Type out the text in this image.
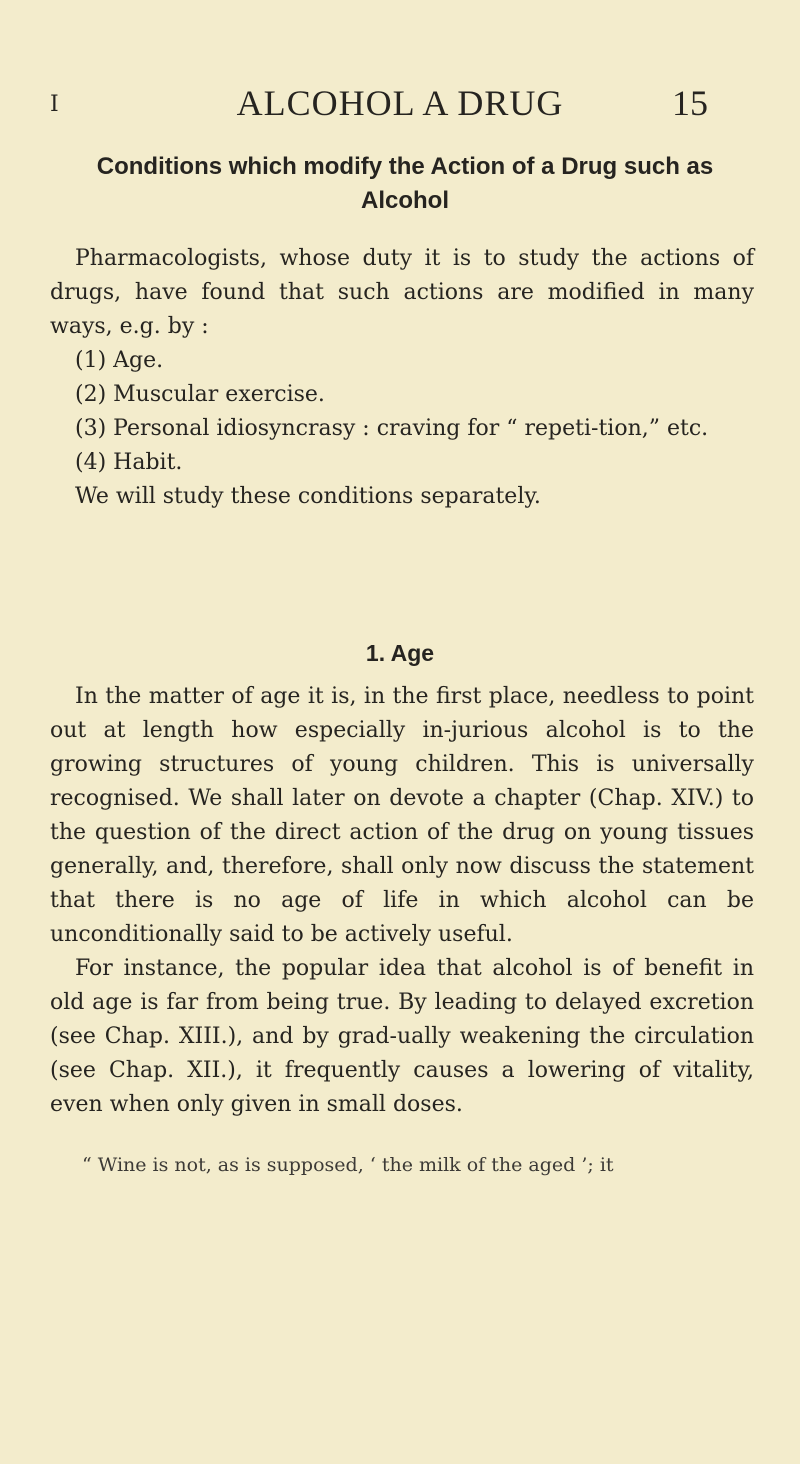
I	ALCOHOL A DRUG	15
Conditions which modify the Action of a Drug such as Alcohol

Pharmacologists, whose duty it is to study the actions of drugs, have found that such actions are modified in many ways, e.g. by :

(1) Age.

(2) Muscular exercise.

(3) Personal idiosyncrasy : craving for “ repeti-tion,” etc.

(4) Habit.

We will study these conditions separately.

1. Age

In the matter of age it is, in the first place, needless to point out at length how especially in-jurious alcohol is to the growing structures of young children. This is universally recognised. We shall later on devote a chapter (Chap. XIV.) to the question of the direct action of the drug on young tissues generally, and, therefore, shall only now discuss the statement that there is no age of life in which alcohol can be unconditionally said to be actively useful.

For instance, the popular idea that alcohol is of benefit in old age is far from being true. By leading to delayed excretion (see Chap. XIII.), and by grad-ually weakening the circulation (see Chap. XII.), it frequently causes a lowering of vitality, even when only given in small doses.

“ Wine is not, as is supposed, ‘ the milk of the aged ’; it
